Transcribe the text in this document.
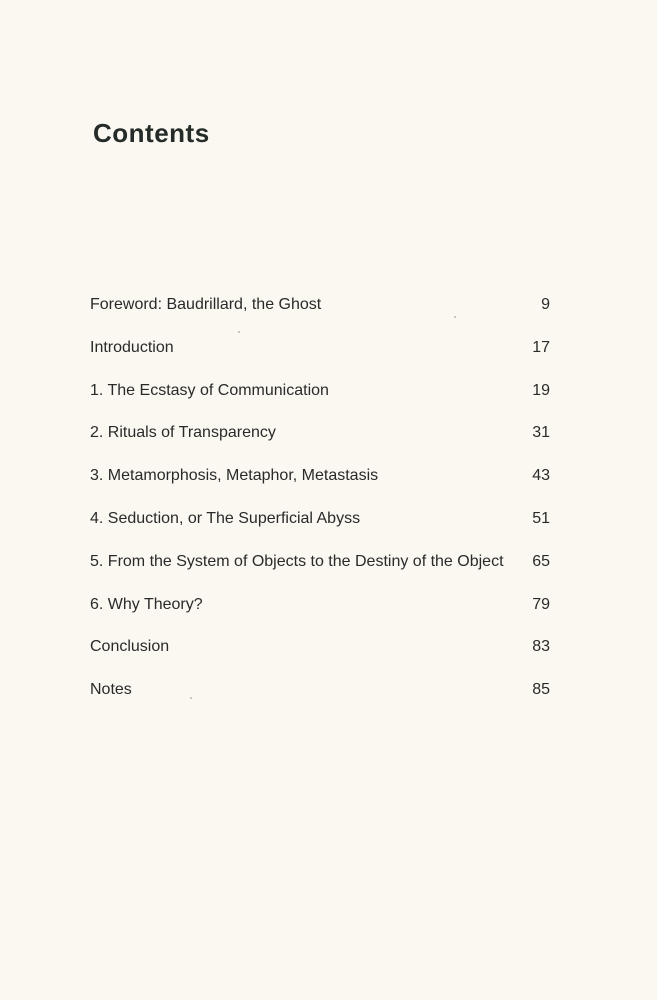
Contents
Foreword: Baudrillard, the Ghost	9
Introduction	17
1. The Ecstasy of Communication	19
2. Rituals of Transparency	31
3. Metamorphosis, Metaphor, Metastasis	43
4. Seduction, or The Superficial Abyss	51
5. From the System of Objects to the Destiny of the Object	65
6. Why Theory?	79
Conclusion	83
Notes	85
